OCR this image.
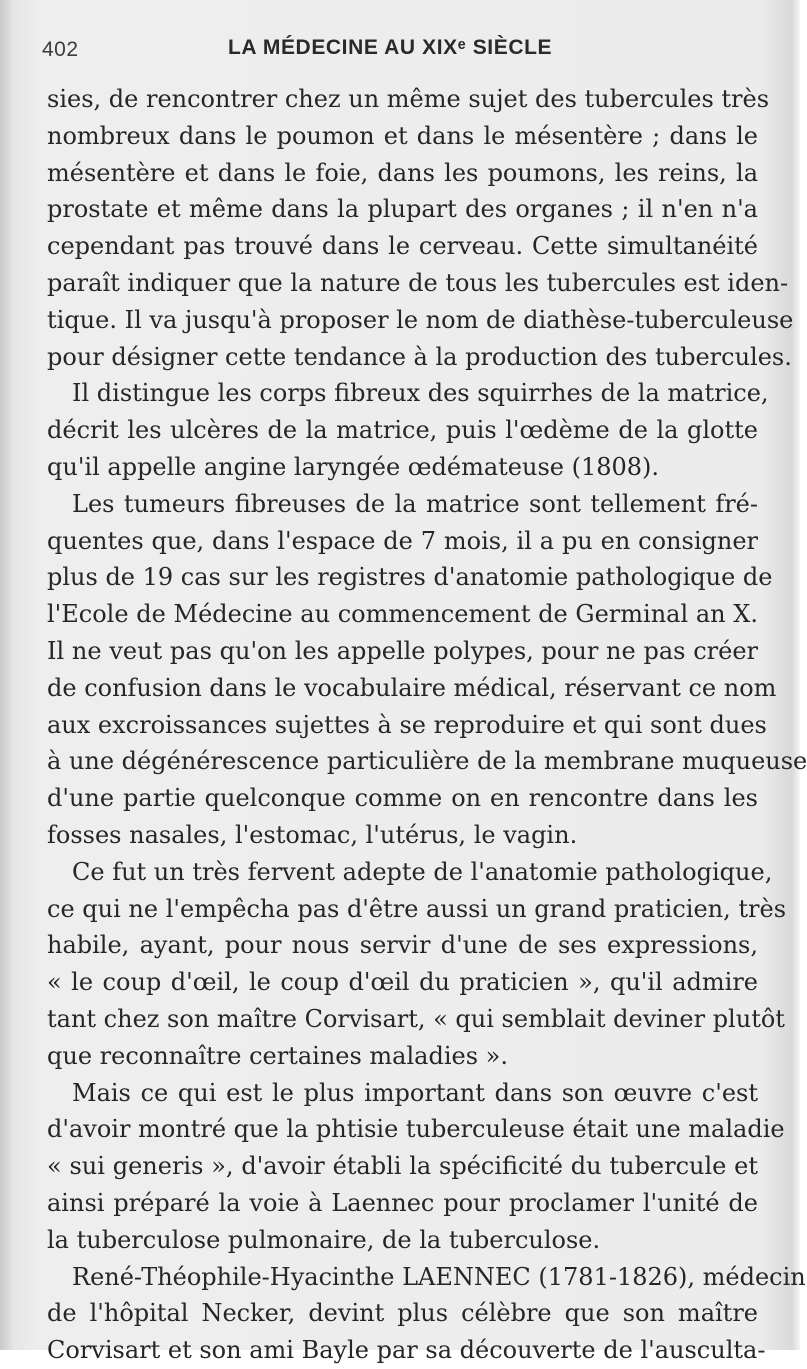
402	LA MÉDECINE AU XIXᵉ SIÈCLE
sies, de rencontrer chez un même sujet des tubercules très
nombreux dans le poumon et dans le mésentère ; dans le
mésentère et dans le foie, dans les poumons, les reins, la
prostate et même dans la plupart des organes ; il n'en n'a
cependant pas trouvé dans le cerveau. Cette simultanéité
paraît indiquer que la nature de tous les tubercules est iden-
tique. Il va jusqu'à proposer le nom de diathèse-tuberculeuse
pour désigner cette tendance à la production des tubercules.
Il distingue les corps fibreux des squirrhes de la matrice,
décrit les ulcères de la matrice, puis l'œdème de la glotte
qu'il appelle angine laryngée œdémateuse (1808).
Les tumeurs fibreuses de la matrice sont tellement fré-
quentes que, dans l'espace de 7 mois, il a pu en consigner
plus de 19 cas sur les registres d'anatomie pathologique de
l'Ecole de Médecine au commencement de Germinal an X.
Il ne veut pas qu'on les appelle polypes, pour ne pas créer
de confusion dans le vocabulaire médical, réservant ce nom
aux excroissances sujettes à se reproduire et qui sont dues
à une dégénérescence particulière de la membrane muqueuse
d'une partie quelconque comme on en rencontre dans les
fosses nasales, l'estomac, l'utérus, le vagin.
Ce fut un très fervent adepte de l'anatomie pathologique,
ce qui ne l'empêcha pas d'être aussi un grand praticien, très
habile, ayant, pour nous servir d'une de ses expressions,
« le coup d'œil, le coup d'œil du praticien », qu'il admire
tant chez son maître Corvisart, « qui semblait deviner plutôt
que reconnaître certaines maladies ».
Mais ce qui est le plus important dans son œuvre c'est
d'avoir montré que la phtisie tuberculeuse était une maladie
« sui generis », d'avoir établi la spécificité du tubercule et
ainsi préparé la voie à Laennec pour proclamer l'unité de
la tuberculose pulmonaire, de la tuberculose.
René-Théophile-Hyacinthe LAENNEC (1781-1826), médecin
de l'hôpital Necker, devint plus célèbre que son maître
Corvisart et son ami Bayle par sa découverte de l'ausculta-
